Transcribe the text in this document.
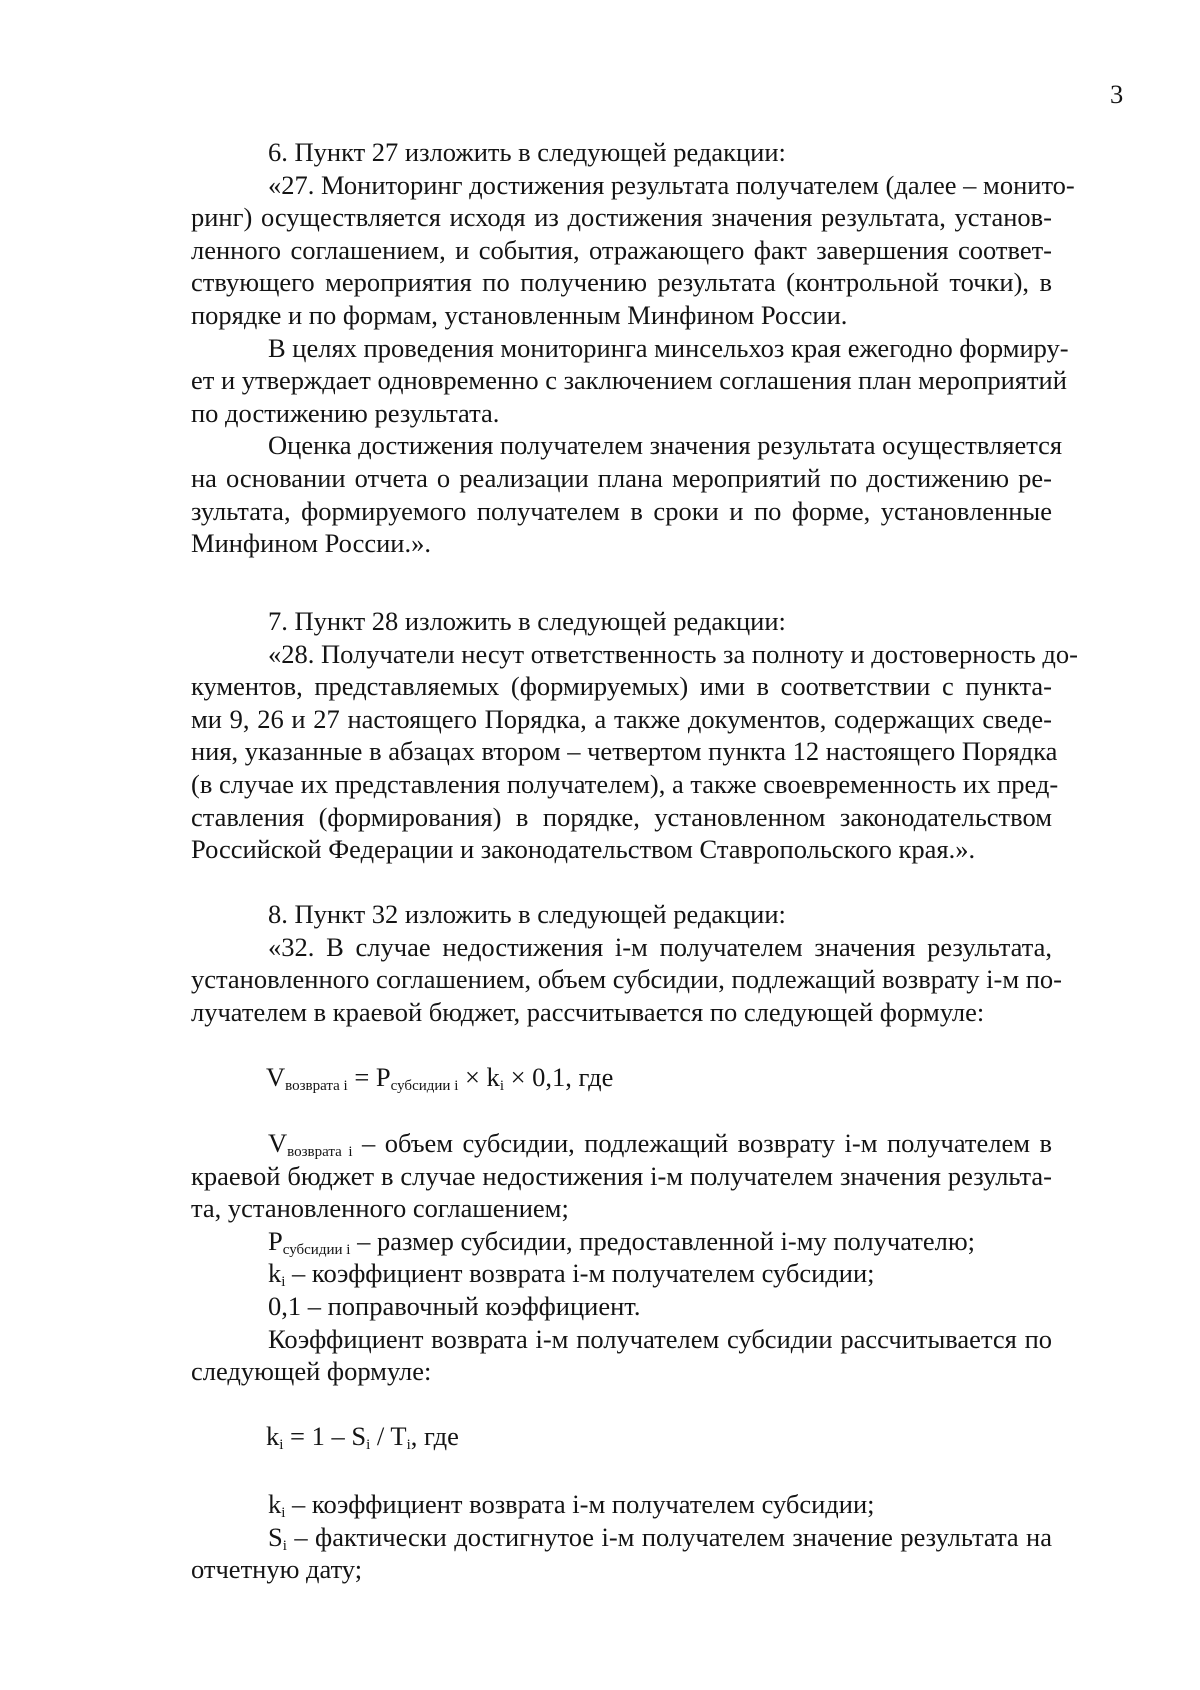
3
6. Пункт 27 изложить в следующей редакции:
«27. Мониторинг достижения результата получателем (далее – монито-
ринг) осуществляется исходя из достижения значения результата, установ-
ленного соглашением, и события, отражающего факт завершения соответ-
ствующего мероприятия по получению результата (контрольной точки), в
порядке и по формам, установленным Минфином России.
В целях проведения мониторинга минсельхоз края ежегодно формиру-
ет и утверждает одновременно с заключением соглашения план мероприятий
по достижению результата.
Оценка достижения получателем значения результата осуществляется
на основании отчета о реализации плана мероприятий по достижению ре-
зультата, формируемого получателем в сроки и по форме, установленные
Минфином России.».
7. Пункт 28 изложить в следующей редакции:
«28. Получатели несут ответственность за полноту и достоверность до-
кументов, представляемых (формируемых) ими в соответствии с пункта-
ми 9, 26 и 27 настоящего Порядка, а также документов, содержащих сведе-
ния, указанные в абзацах втором – четвертом пункта 12 настоящего Порядка
(в случае их представления получателем), а также своевременность их пред-
ставления (формирования) в порядке, установленном законодательством
Российской Федерации и законодательством Ставропольского края.».
8. Пункт 32 изложить в следующей редакции:
«32. В случае недостижения i-м получателем значения результата,
установленного соглашением, объем субсидии, подлежащий возврату i-м по-
лучателем в краевой бюджет, рассчитывается по следующей формуле:
$V_{возврата i} = P_{субсидии i} \times k_i \times 0,1$, где
$V_{возврата i}$ – объем субсидии, подлежащий возврату i-м получателем в
краевой бюджет в случае недостижения i-м получателем значения результа-
та, установленного соглашением;
$P_{субсидии i}$ – размер субсидии, предоставленной i-му получателю;
$k_i$ – коэффициент возврата i-м получателем субсидии;
0,1 – поправочный коэффициент.
Коэффициент возврата i-м получателем субсидии рассчитывается по
следующей формуле:
$k_i = 1 - S_i / T_i$, где
$k_i$ – коэффициент возврата i-м получателем субсидии;
$S_i$ – фактически достигнутое i-м получателем значение результата на
отчетную дату;
